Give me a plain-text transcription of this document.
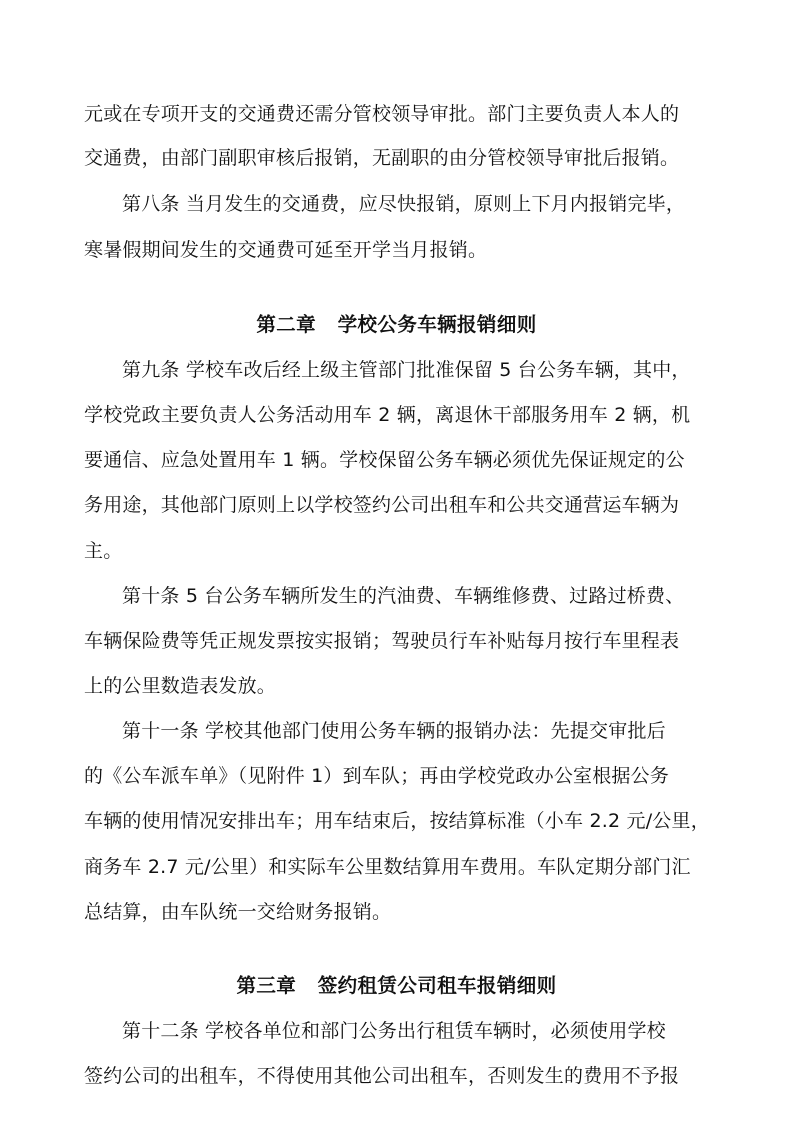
元或在专项开支的交通费还需分管校领导审批。部门主要负责人本人的
交通费，由部门副职审核后报销，无副职的由分管校领导审批后报销。
第八条 当月发生的交通费，应尽快报销，原则上下月内报销完毕，
寒暑假期间发生的交通费可延至开学当月报销。
第二章   学校公务车辆报销细则
第九条 学校车改后经上级主管部门批准保留 5 台公务车辆，其中，
学校党政主要负责人公务活动用车 2 辆，离退休干部服务用车 2 辆，机
要通信、应急处置用车 1 辆。学校保留公务车辆必须优先保证规定的公
务用途，其他部门原则上以学校签约公司出租车和公共交通营运车辆为
主。
第十条 5 台公务车辆所发生的汽油费、车辆维修费、过路过桥费、
车辆保险费等凭正规发票按实报销；驾驶员行车补贴每月按行车里程表
上的公里数造表发放。
第十一条 学校其他部门使用公务车辆的报销办法：先提交审批后
的《公车派车单》（见附件 1）到车队；再由学校党政办公室根据公务
车辆的使用情况安排出车；用车结束后，按结算标准（小车 2.2 元/公里，
商务车 2.7 元/公里）和实际车公里数结算用车费用。车队定期分部门汇
总结算，由车队统一交给财务报销。
第三章   签约租赁公司租车报销细则
第十二条 学校各单位和部门公务出行租赁车辆时，必须使用学校
签约公司的出租车，不得使用其他公司出租车，否则发生的费用不予报
